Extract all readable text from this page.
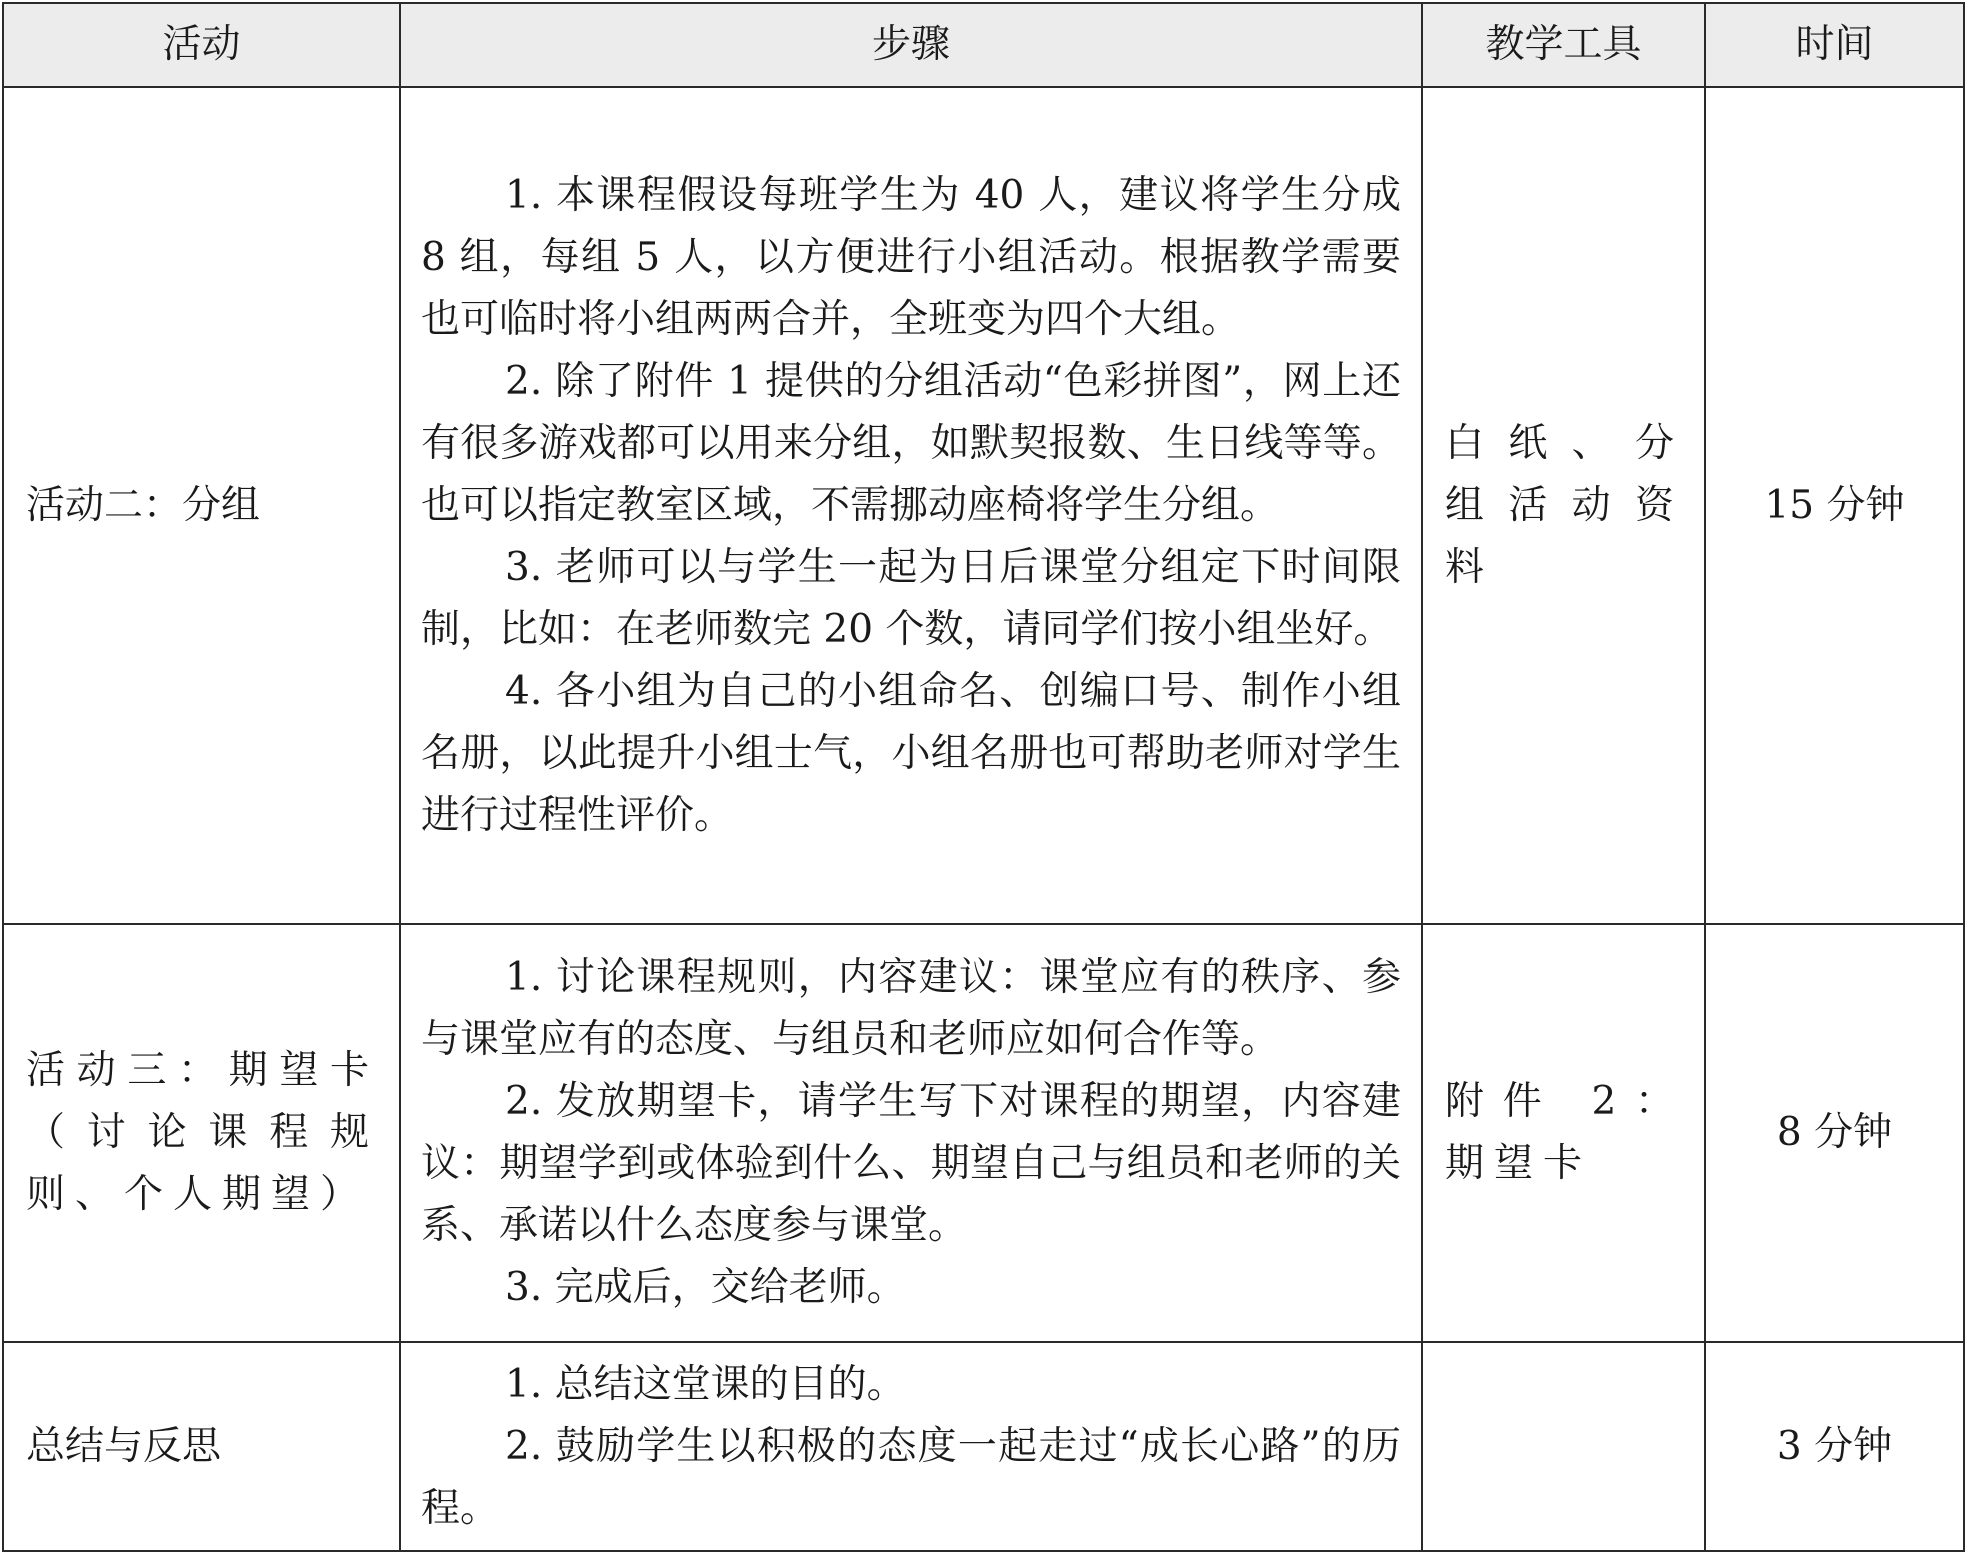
活动	步骤	教学工具	时间
活动二：分组	1. 本课程假设每班学生为 40 人，建议将学生分成 8 组，每组 5 人，以方便进行小组活动。根据教学需要也可临时将小组两两合并，全班变为四个大组。

2. 除了附件 1 提供的分组活动“色彩拼图”，网上还有很多游戏都可以用来分组，如默契报数、生日线等等。也可以指定教室区域，不需挪动座椅将学生分组。

3. 老师可以与学生一起为日后课堂分组定下时间限制，比如：在老师数完 20 个数，请同学们按小组坐好。

4. 各小组为自己的小组命名、创编口号、制作小组名册，以此提升小组士气，小组名册也可帮助老师对学生进行过程性评价。	白纸、分组活动资料	15 分钟
活动三：期望卡（讨论课程规则、个人期望）	1. 讨论课程规则，内容建议：课堂应有的秩序、参与课堂应有的态度、与组员和老师应如何合作等。

2. 发放期望卡，请学生写下对课程的期望，内容建议：期望学到或体验到什么、期望自己与组员和老师的关系、承诺以什么态度参与课堂。

3. 完成后，交给老师。	附件 2：期望卡	8 分钟
总结与反思	1. 总结这堂课的目的。

2. 鼓励学生以积极的态度一起走过“成长心路”的历程。		3 分钟
